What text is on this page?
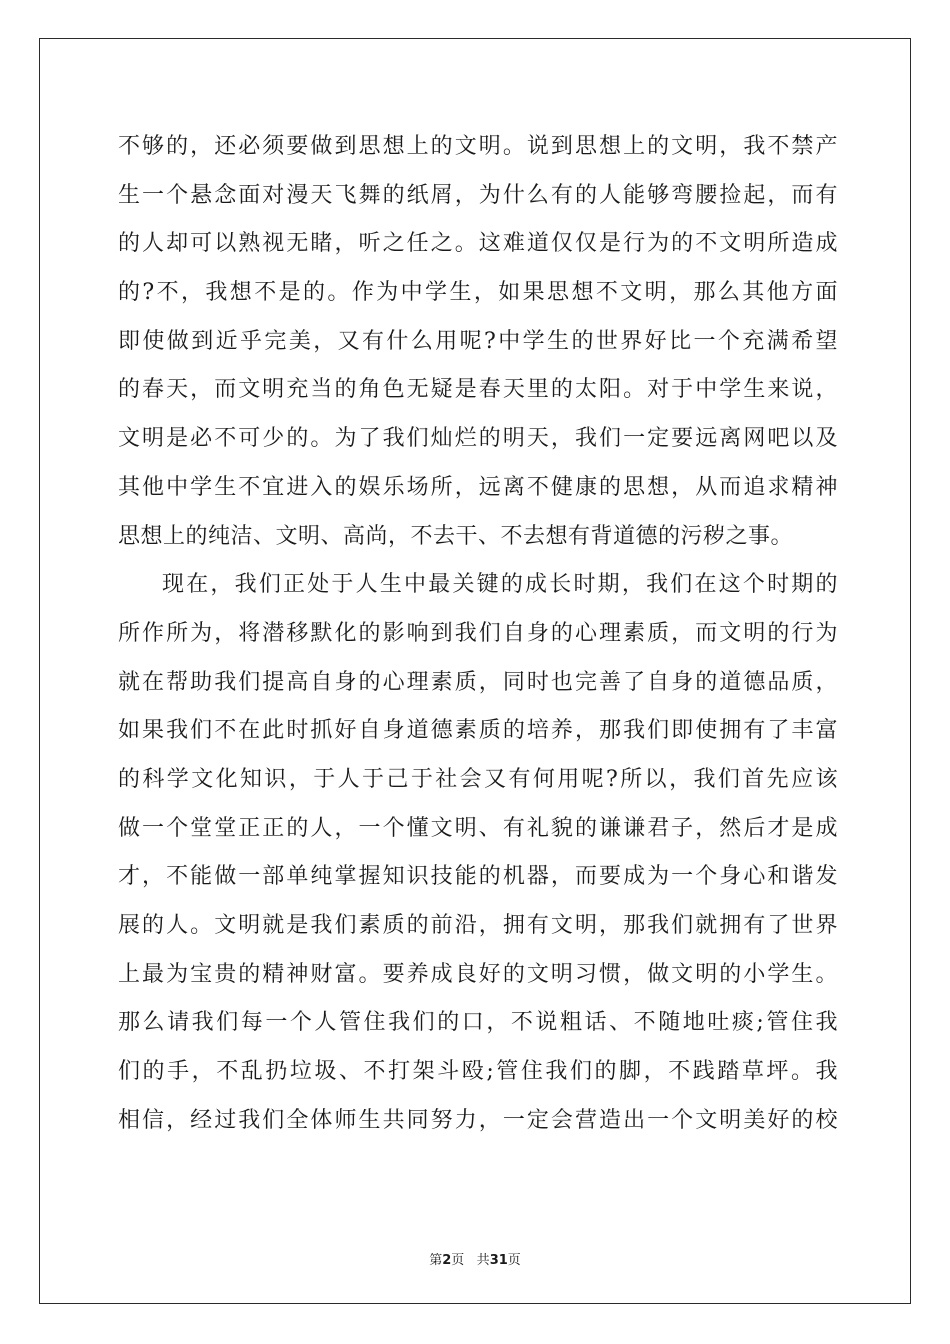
不够的，还必须要做到思想上的文明。说到思想上的文明，我不禁产
生一个悬念面对漫天飞舞的纸屑，为什么有的人能够弯腰捡起，而有
的人却可以熟视无睹，听之任之。这难道仅仅是行为的不文明所造成
的?不，我想不是的。作为中学生，如果思想不文明，那么其他方面
即使做到近乎完美，又有什么用呢?中学生的世界好比一个充满希望
的春天，而文明充当的角色无疑是春天里的太阳。对于中学生来说，
文明是必不可少的。为了我们灿烂的明天，我们一定要远离网吧以及
其他中学生不宜进入的娱乐场所，远离不健康的思想，从而追求精神
思想上的纯洁、文明、高尚，不去干、不去想有背道德的污秽之事。
现在，我们正处于人生中最关键的成长时期，我们在这个时期的
所作所为，将潜移默化的影响到我们自身的心理素质，而文明的行为
就在帮助我们提高自身的心理素质，同时也完善了自身的道德品质，
如果我们不在此时抓好自身道德素质的培养，那我们即使拥有了丰富
的科学文化知识，于人于己于社会又有何用呢?所以，我们首先应该
做一个堂堂正正的人，一个懂文明、有礼貌的谦谦君子，然后才是成
才，不能做一部单纯掌握知识技能的机器，而要成为一个身心和谐发
展的人。文明就是我们素质的前沿，拥有文明，那我们就拥有了世界
上最为宝贵的精神财富。要养成良好的文明习惯，做文明的小学生。
那么请我们每一个人管住我们的口，不说粗话、不随地吐痰;管住我
们的手，不乱扔垃圾、不打架斗殴;管住我们的脚，不践踏草坪。我
相信，经过我们全体师生共同努力，一定会营造出一个文明美好的校
第2页 共31页
